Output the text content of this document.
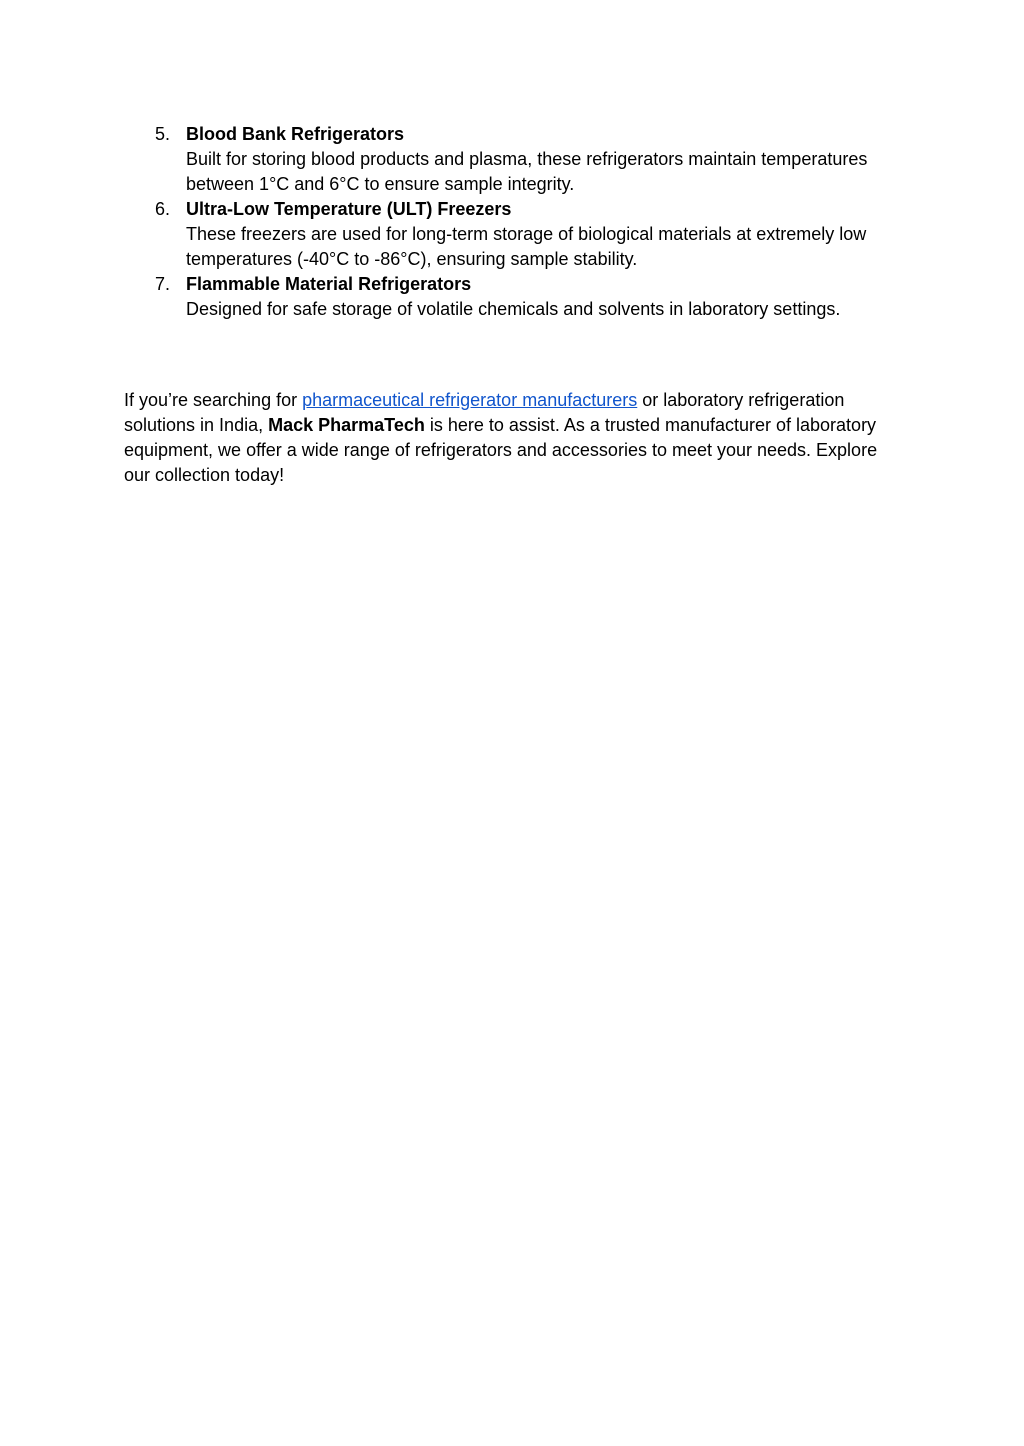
5. Blood Bank Refrigerators
Built for storing blood products and plasma, these refrigerators maintain temperatures between 1°C and 6°C to ensure sample integrity.
6. Ultra-Low Temperature (ULT) Freezers
These freezers are used for long-term storage of biological materials at extremely low temperatures (-40°C to -86°C), ensuring sample stability.
7. Flammable Material Refrigerators
Designed for safe storage of volatile chemicals and solvents in laboratory settings.

If you’re searching for pharmaceutical refrigerator manufacturers or laboratory refrigeration solutions in India, Mack PharmaTech is here to assist. As a trusted manufacturer of laboratory equipment, we offer a wide range of refrigerators and accessories to meet your needs. Explore our collection today!
